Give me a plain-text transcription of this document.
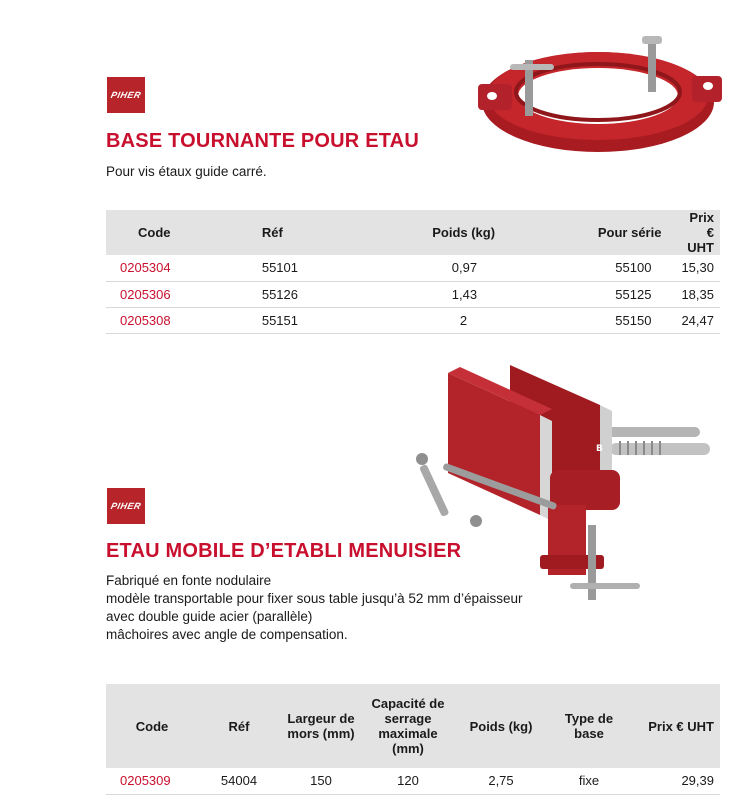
PIHER
BASE TOURNANTE POUR ETAU
Pour vis étaux guide carré.
Code	Réf	Poids (kg)	Pour série	Prix € UHT
0205304	55101	0,97	55100	15,30
0205306	55126	1,43	55125	18,35
0205308	55151	2	55150	24,47
PIHER
ETAU MOBILE D’ETABLI MENUISIER
Fabriqué en fonte nodulaire
modèle transportable pour fixer sous table jusqu’à 52 mm d’épaisseur
avec double guide acier (parallèle)
mâchoires avec angle de compensation.
B
Code	Réf	Largeur de mors (mm)	Capacité de serrage maximale (mm)	Poids (kg)	Type de base	Prix € UHT
0205309	54004	150	120	2,75	fixe	29,39
